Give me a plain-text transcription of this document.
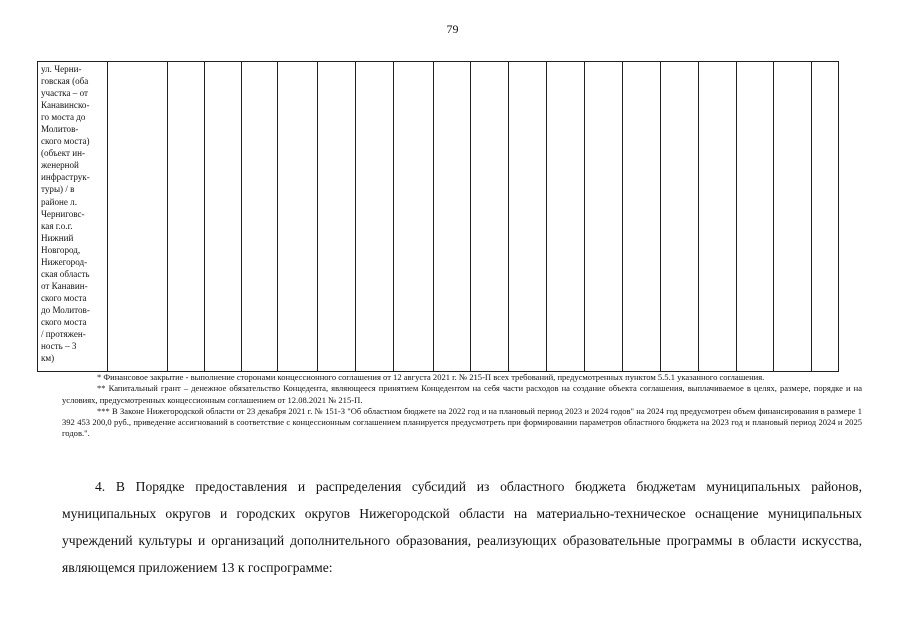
79
ул. Черни-
говская (оба
участка – от
Канавинско-
го моста до
Молитов-
ского моста)
(объект ин-
женерной
инфраструк-
туры) / в
районе л.
Черниговс-
кая г.о.г.
Нижний
Новгород,
Нижегород-
ская область
от Канавин-
ского моста
до Молитов-
ского моста
/ протяжен-
ность – 3
км)

* Финансовое закрытие - выполнение сторонами концессионного соглашения от 12 августа 2021 г. № 215-П всех требований, предусмотренных пунктом 5.5.1 указанного соглашения.

** Капитальный грант – денежное обязательство Концедента, являющееся принятием Концедентом на себя части расходов на создание объекта соглашения, выплачиваемое в целях, размере, порядке и на условиях, предусмотренных концессионным соглашением от 12.08.2021 № 215-П.

*** В Законе Нижегородской области от 23 декабря 2021 г. № 151-З "Об областном бюджете на 2022 год и на плановый период 2023 и 2024 годов" на 2024 год предусмотрен объем финансирования в размере 1 392 453 200,0 руб., приведение ассигнований в соответствие с концессионным соглашением планируется предусмотреть при формировании параметров областного бюджета на 2023 год и плановый период 2024 и 2025 годов.".

4. В Порядке предоставления и распределения субсидий из областного бюджета бюджетам муниципальных районов, муниципальных округов и городских округов Нижегородской области на материально-техническое оснащение муниципальных учреждений культуры и организаций дополнительного образования, реализующих образовательные программы в области искусства, являющемся приложением 13 к госпрограмме:
